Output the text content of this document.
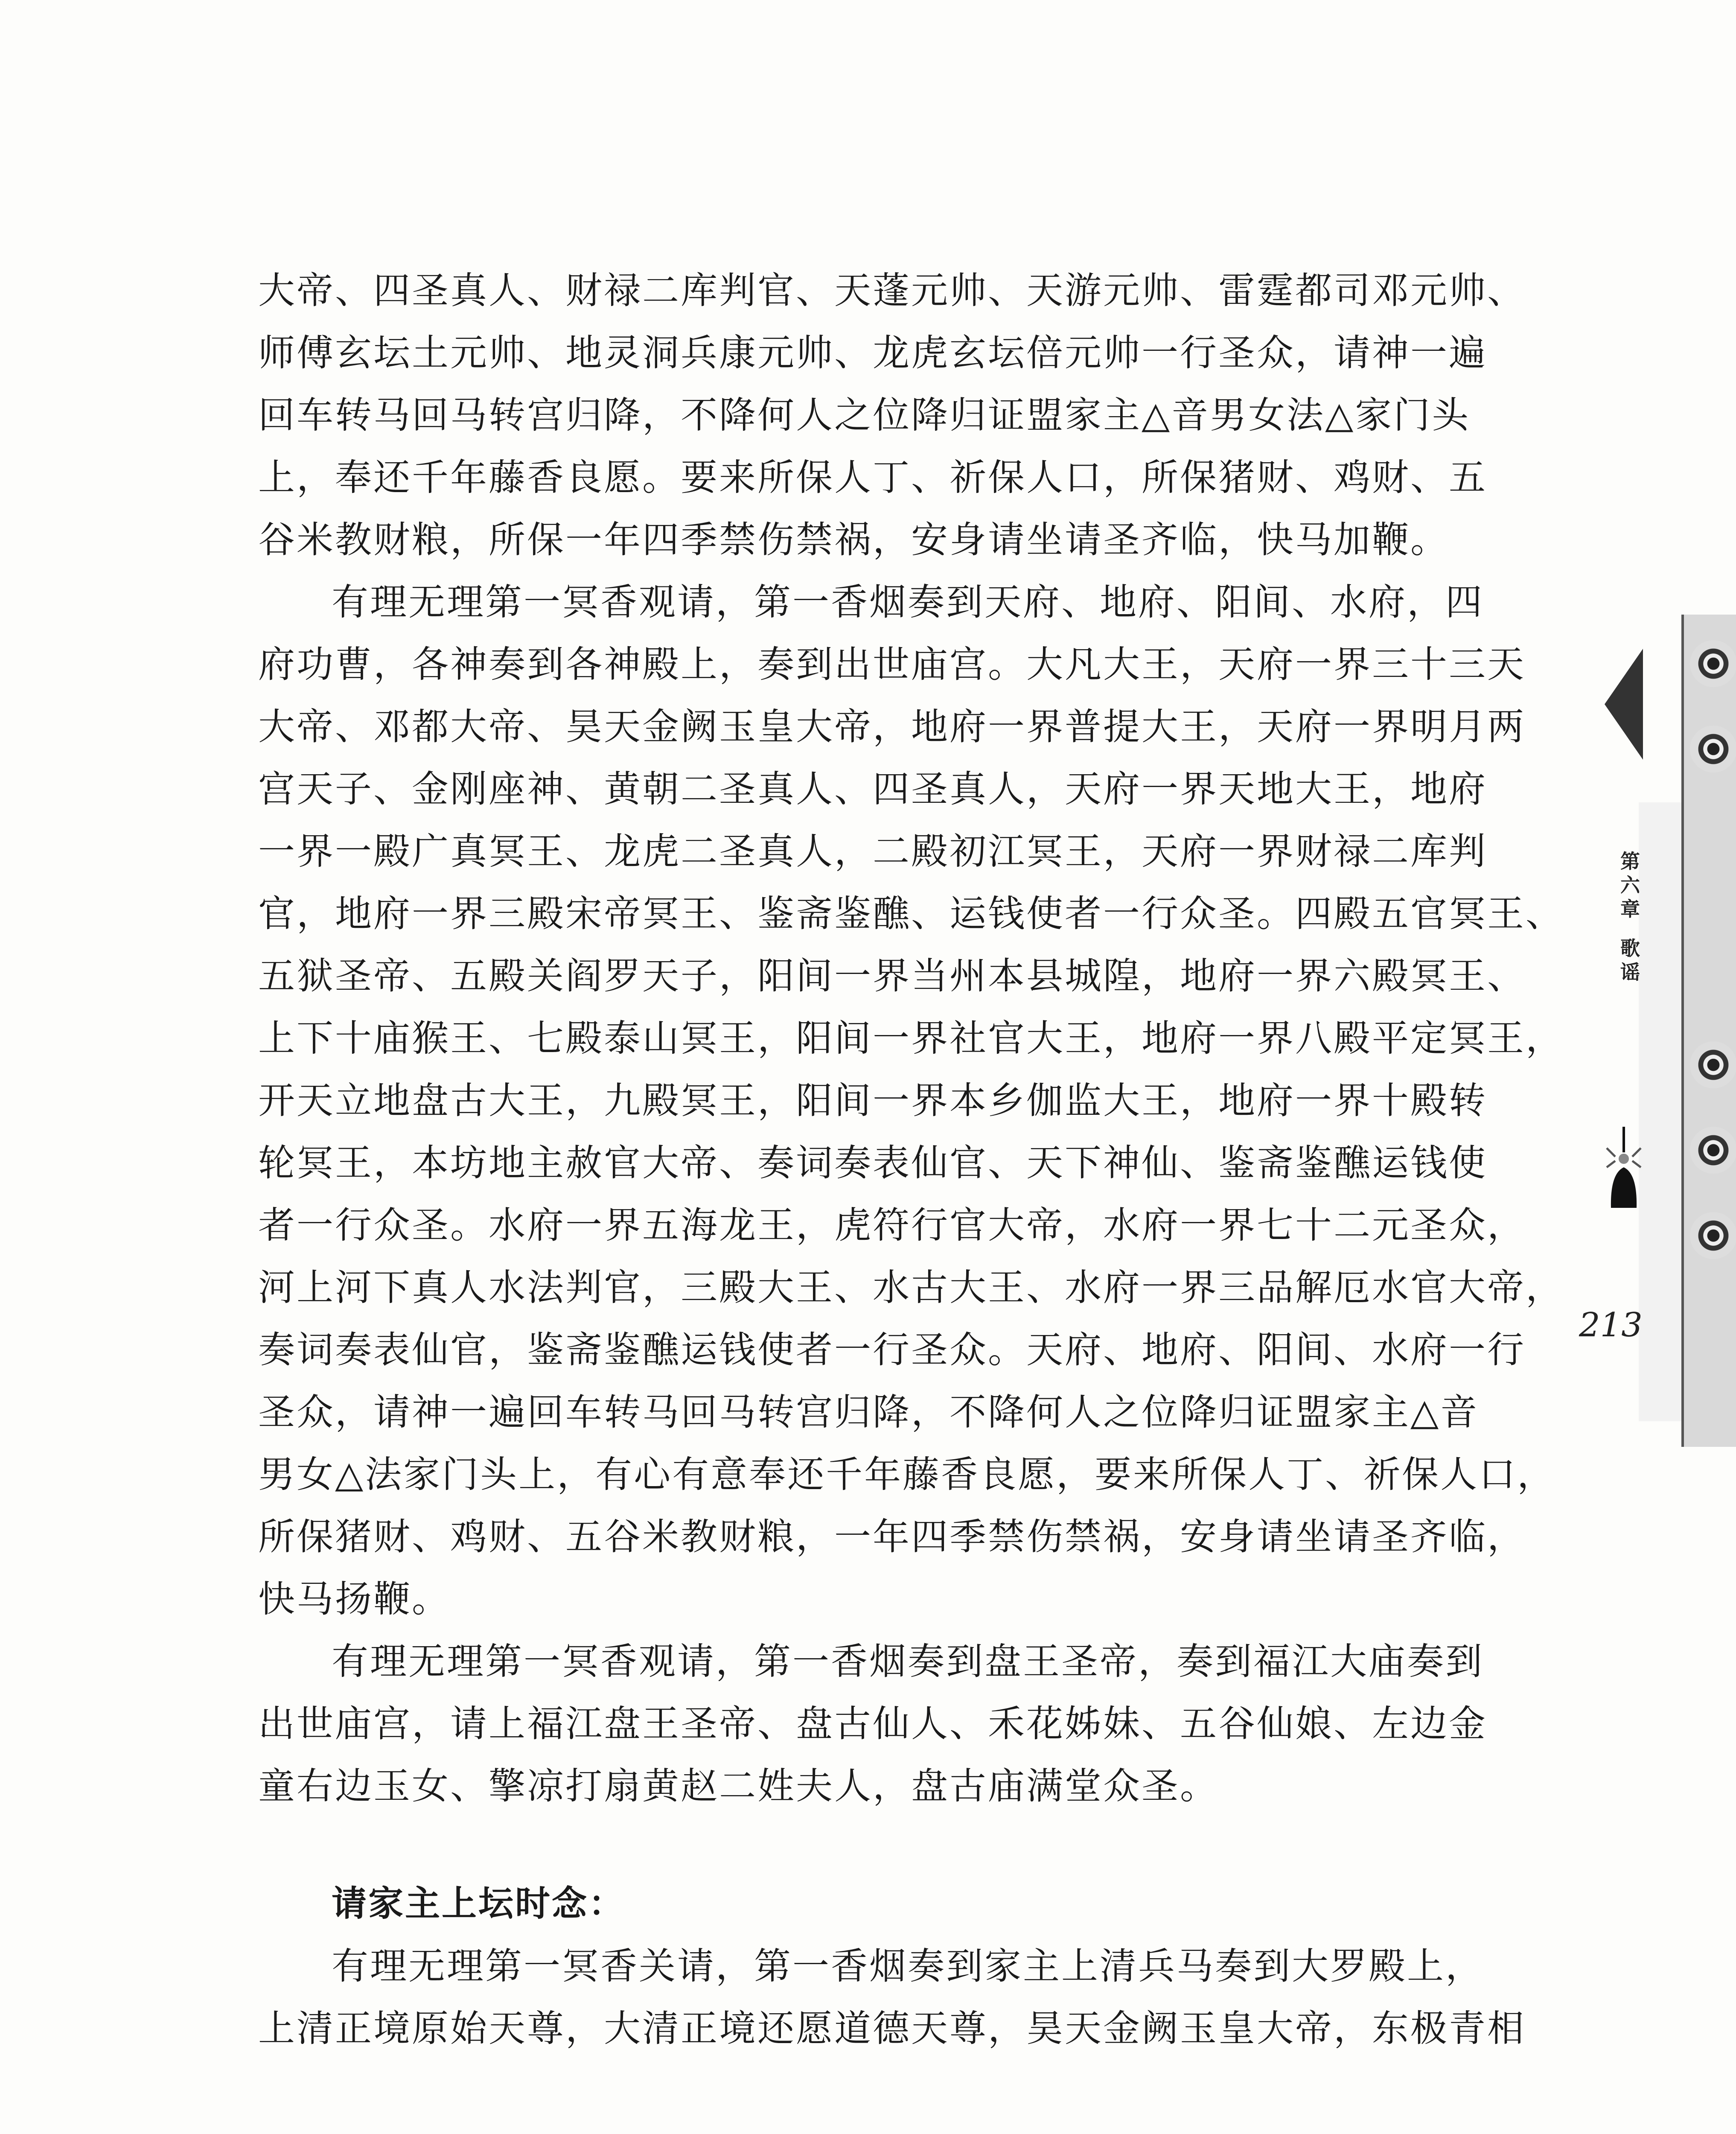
大帝、四圣真人、财禄二库判官、天蓬元帅、天游元帅、雷霆都司邓元帅、
师傅玄坛土元帅、地灵洞兵康元帅、龙虎玄坛倍元帅一行圣众，请神一遍
回车转马回马转宫归降，不降何人之位降归证盟家主△音男女法△家门头
上，奉还千年藤香良愿。要来所保人丁、祈保人口，所保猪财、鸡财、五
谷米教财粮，所保一年四季禁伤禁祸，安身请坐请圣齐临，快马加鞭。
有理无理第一冥香观请，第一香烟奏到天府、地府、阳间、水府，四
府功曹，各神奏到各神殿上，奏到出世庙宫。大凡大王，天府一界三十三天
大帝、邓都大帝、昊天金阙玉皇大帝，地府一界普提大王，天府一界明月两
宫天子、金刚座神、黄朝二圣真人、四圣真人，天府一界天地大王，地府
一界一殿广真冥王、龙虎二圣真人，二殿初江冥王，天府一界财禄二库判
官，地府一界三殿宋帝冥王、鉴斋鉴醮、运钱使者一行众圣。四殿五官冥王、
五狱圣帝、五殿关阎罗天子，阳间一界当州本县城隍，地府一界六殿冥王、
上下十庙猴王、七殿泰山冥王，阳间一界社官大王，地府一界八殿平定冥王，
开天立地盘古大王，九殿冥王，阳间一界本乡伽监大王，地府一界十殿转
轮冥王，本坊地主赦官大帝、奏词奏表仙官、天下神仙、鉴斋鉴醮运钱使
者一行众圣。水府一界五海龙王，虎符行官大帝，水府一界七十二元圣众，
河上河下真人水法判官，三殿大王、水古大王、水府一界三品解厄水官大帝，
奏词奏表仙官，鉴斋鉴醮运钱使者一行圣众。天府、地府、阳间、水府一行
圣众，请神一遍回车转马回马转宫归降，不降何人之位降归证盟家主△音
男女△法家门头上，有心有意奉还千年藤香良愿，要来所保人丁、祈保人口，
所保猪财、鸡财、五谷米教财粮，一年四季禁伤禁祸，安身请坐请圣齐临，
快马扬鞭。
有理无理第一冥香观请，第一香烟奏到盘王圣帝，奏到福江大庙奏到
出世庙宫，请上福江盘王圣帝、盘古仙人、禾花姊妹、五谷仙娘、左边金
童右边玉女、擎凉打扇黄赵二姓夫人，盘古庙满堂众圣。
请家主上坛时念：
有理无理第一冥香关请，第一香烟奏到家主上清兵马奏到大罗殿上，
上清正境原始天尊，大清正境还愿道德天尊，昊天金阙玉皇大帝，东极青相
第六章
歌谣
213
